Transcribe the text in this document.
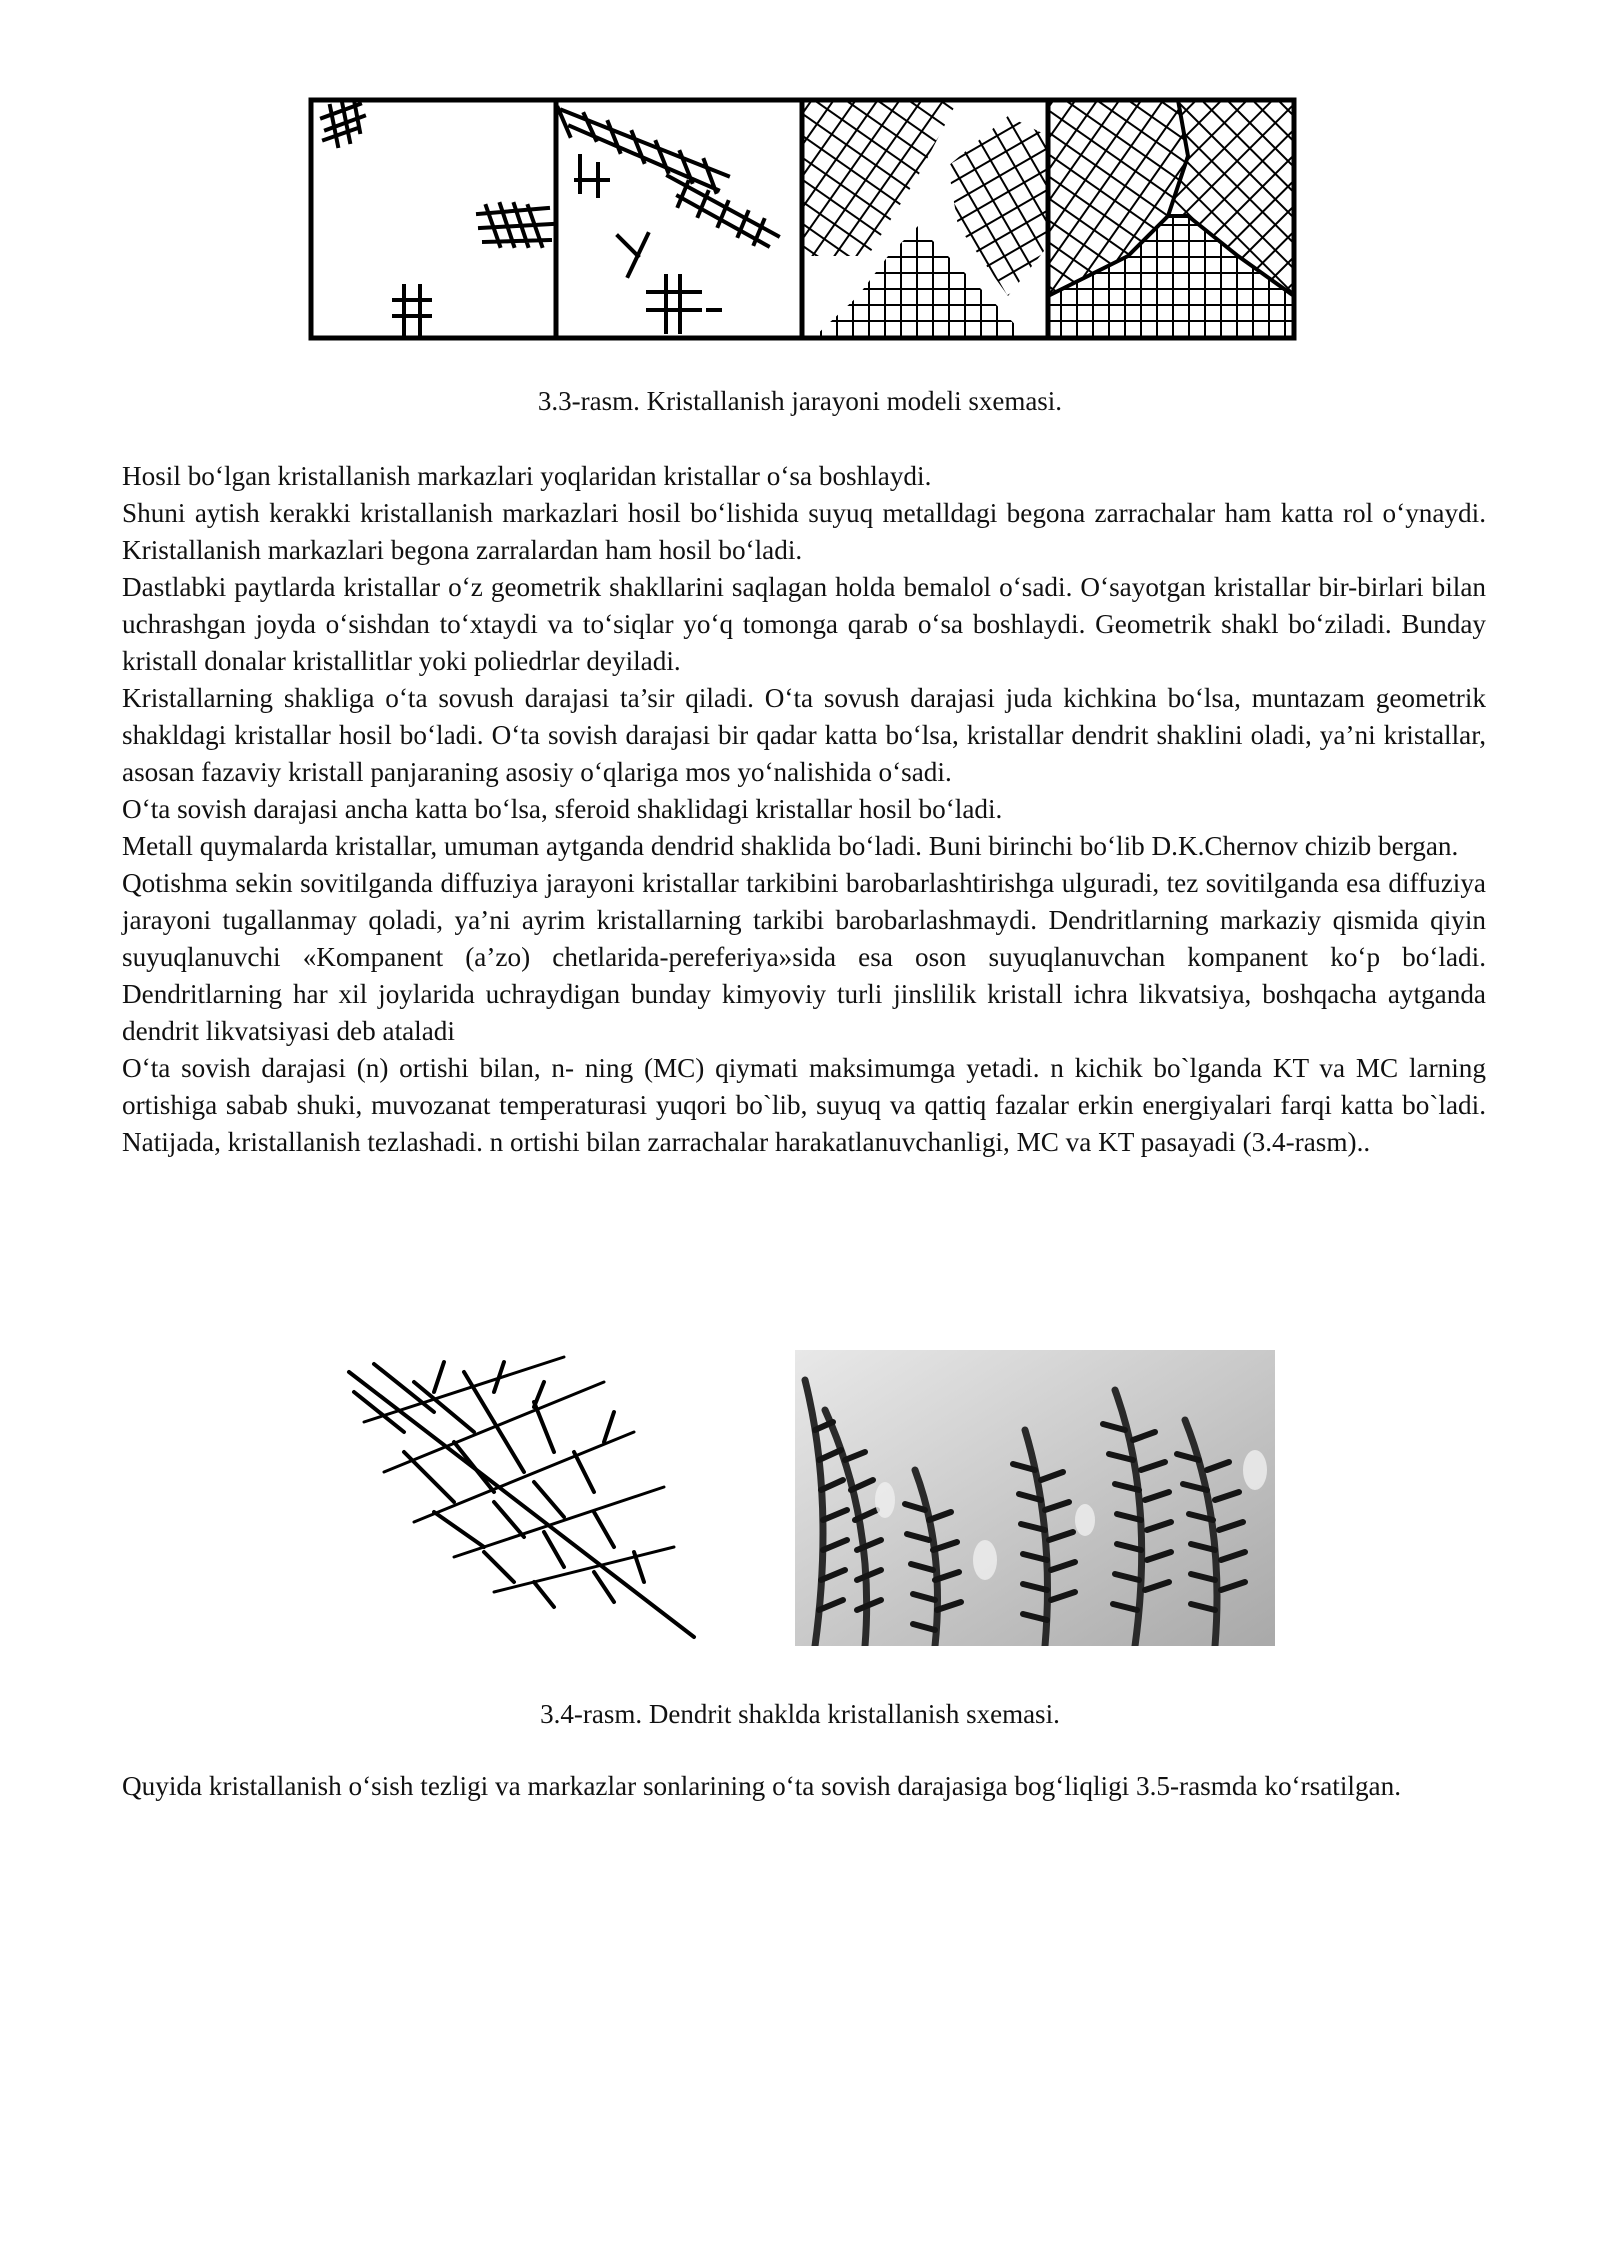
3.3-rasm. Kristallanish jarayoni modeli sxemasi.

Hosil bo‘lgan kristallanish markazlari yoqlaridan kristallar o‘sa boshlaydi.

Shuni aytish kerakki kristallanish markazlari hosil bo‘lishida suyuq metalldagi begona zarrachalar ham katta rol o‘ynaydi. Kristallanish markazlari begona zarralardan ham hosil bo‘ladi.

Dastlabki paytlarda kristallar o‘z geometrik shakllarini saqlagan holda bemalol o‘sadi. O‘sayotgan kristallar bir-birlari bilan uchrashgan joyda o‘sishdan to‘xtaydi va to‘siqlar yo‘q tomonga qarab o‘sa boshlaydi. Geometrik shakl bo‘ziladi. Bunday kristall donalar kristallitlar yoki poliedrlar deyiladi.

Kristallarning shakliga o‘ta sovush darajasi ta’sir qiladi. O‘ta sovush darajasi juda kichkina bo‘lsa, muntazam geometrik shakldagi kristallar hosil bo‘ladi. O‘ta sovish darajasi bir qadar katta bo‘lsa, kristallar dendrit shaklini oladi, ya’ni kristallar, asosan fazaviy kristall panjaraning asosiy o‘qlariga mos yo‘nalishida o‘sadi.

O‘ta sovish darajasi ancha katta bo‘lsa, sferoid shaklidagi kristallar hosil bo‘ladi.

Metall quymalarda kristallar, umuman aytganda dendrid shaklida bo‘ladi. Buni birinchi bo‘lib D.K.Chernov chizib bergan.

Qotishma sekin sovitilganda diffuziya jarayoni kristallar tarkibini barobarlashtirishga ulguradi, tez sovitilganda esa diffuziya jarayoni tugallanmay qoladi, ya’ni ayrim kristallarning tarkibi barobarlashmaydi. Dendritlarning markaziy qismida qiyin suyuqlanuvchi «Kompanent (a’zo) chetlarida-pereferiya»sida esa oson suyuqlanuvchan kompanent ko‘p bo‘ladi. Dendritlarning har xil joylarida uchraydigan bunday kimyoviy turli jinslilik kristall ichra likvatsiya, boshqacha aytganda dendrit likvatsiyasi deb ataladi

O‘ta sovish darajasi (n) ortishi bilan, n- ning (MC) qiymati maksimumga yetadi. n kichik bo`lganda KT va MC larning ortishiga sabab shuki, muvozanat temperaturasi yuqori bo`lib, suyuq va qattiq fazalar erkin energiyalari farqi katta bo`ladi. Natijada, kristallanish tezlashadi. n ortishi bilan zarrachalar harakatlanuvchanligi, MC va KT pasayadi (3.4-rasm)..

3.4-rasm. Dendrit shaklda kristallanish sxemasi.

Quyida kristallanish o‘sish tezligi va markazlar sonlarining o‘ta sovish darajasiga bog‘liqligi 3.5-rasmda ko‘rsatilgan.
